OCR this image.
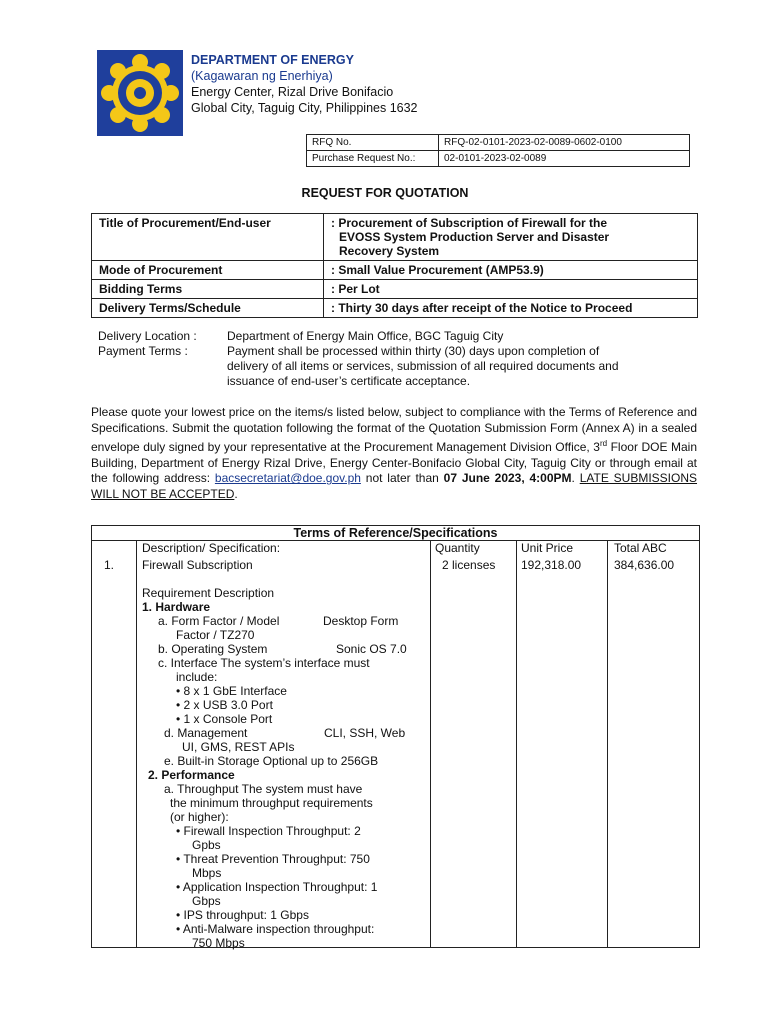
DEPARTMENT OF ENERGY
(Kagawaran ng Enerhiya)
Energy Center, Rizal Drive Bonifacio
Global City, Taguig City, Philippines 1632
RFQ No.	RFQ-02-0101-2023-02-0089-0602-0100
Purchase Request No.:	02-0101-2023-02-0089
REQUEST FOR QUOTATION
Title of Procurement/End-user	: Procurement of Subscription of Firewall for the
EVOSS System Production Server and Disaster
Recovery System

Mode of Procurement	: Small Value Procurement (AMP53.9)
Bidding Terms	: Per Lot
Delivery Terms/Schedule	: Thirty 30 days after receipt of the Notice to Proceed
Delivery Location :	Department of Energy Main Office, BGC Taguig City
Payment Terms :	Payment shall be processed within thirty (30) days upon completion of
delivery of all items or services, submission of all required documents and
issuance of end-user’s certificate acceptance.
Please quote your lowest price on the items/s listed below, subject to compliance with the Terms of Reference and Specifications. Submit the quotation following the format of the Quotation Submission Form (Annex A) in a sealed envelope duly signed by your representative at the Procurement Management Division Office, 3rd Floor DOE Main Building, Department of Energy Rizal Drive, Energy Center-Bonifacio Global City, Taguig City or through email at the following address: bacsecretariat@doe.gov.ph not later than 07 June 2023, 4:00PM. LATE SUBMISSIONS WILL NOT BE ACCEPTED.
Terms of Reference/Specifications
Description/ Specification:	Quantity	Unit Price	Total ABC
1. Firewall Subscription	2 licenses 192,318.00	384,636.00
Requirement Description
1. Hardware
a. Form Factor / Model	Desktop Form
Factor / TZ270
b. Operating System	Sonic OS 7.0
c. Interface The system’s interface must
include:
• 8 x 1 GbE Interface
• 2 x USB 3.0 Port
• 1 x Console Port
d. Management	CLI, SSH, Web
UI, GMS, REST APIs
e. Built-in Storage Optional up to 256GB
2. Performance
a. Throughput The system must have
the minimum throughput requirements
(or higher):
• Firewall Inspection Throughput: 2
Gpbs
• Threat Prevention Throughput: 750
Mbps
• Application Inspection Throughput: 1
Gbps
• IPS throughput: 1 Gbps
• Anti-Malware inspection throughput:
750 Mbps
